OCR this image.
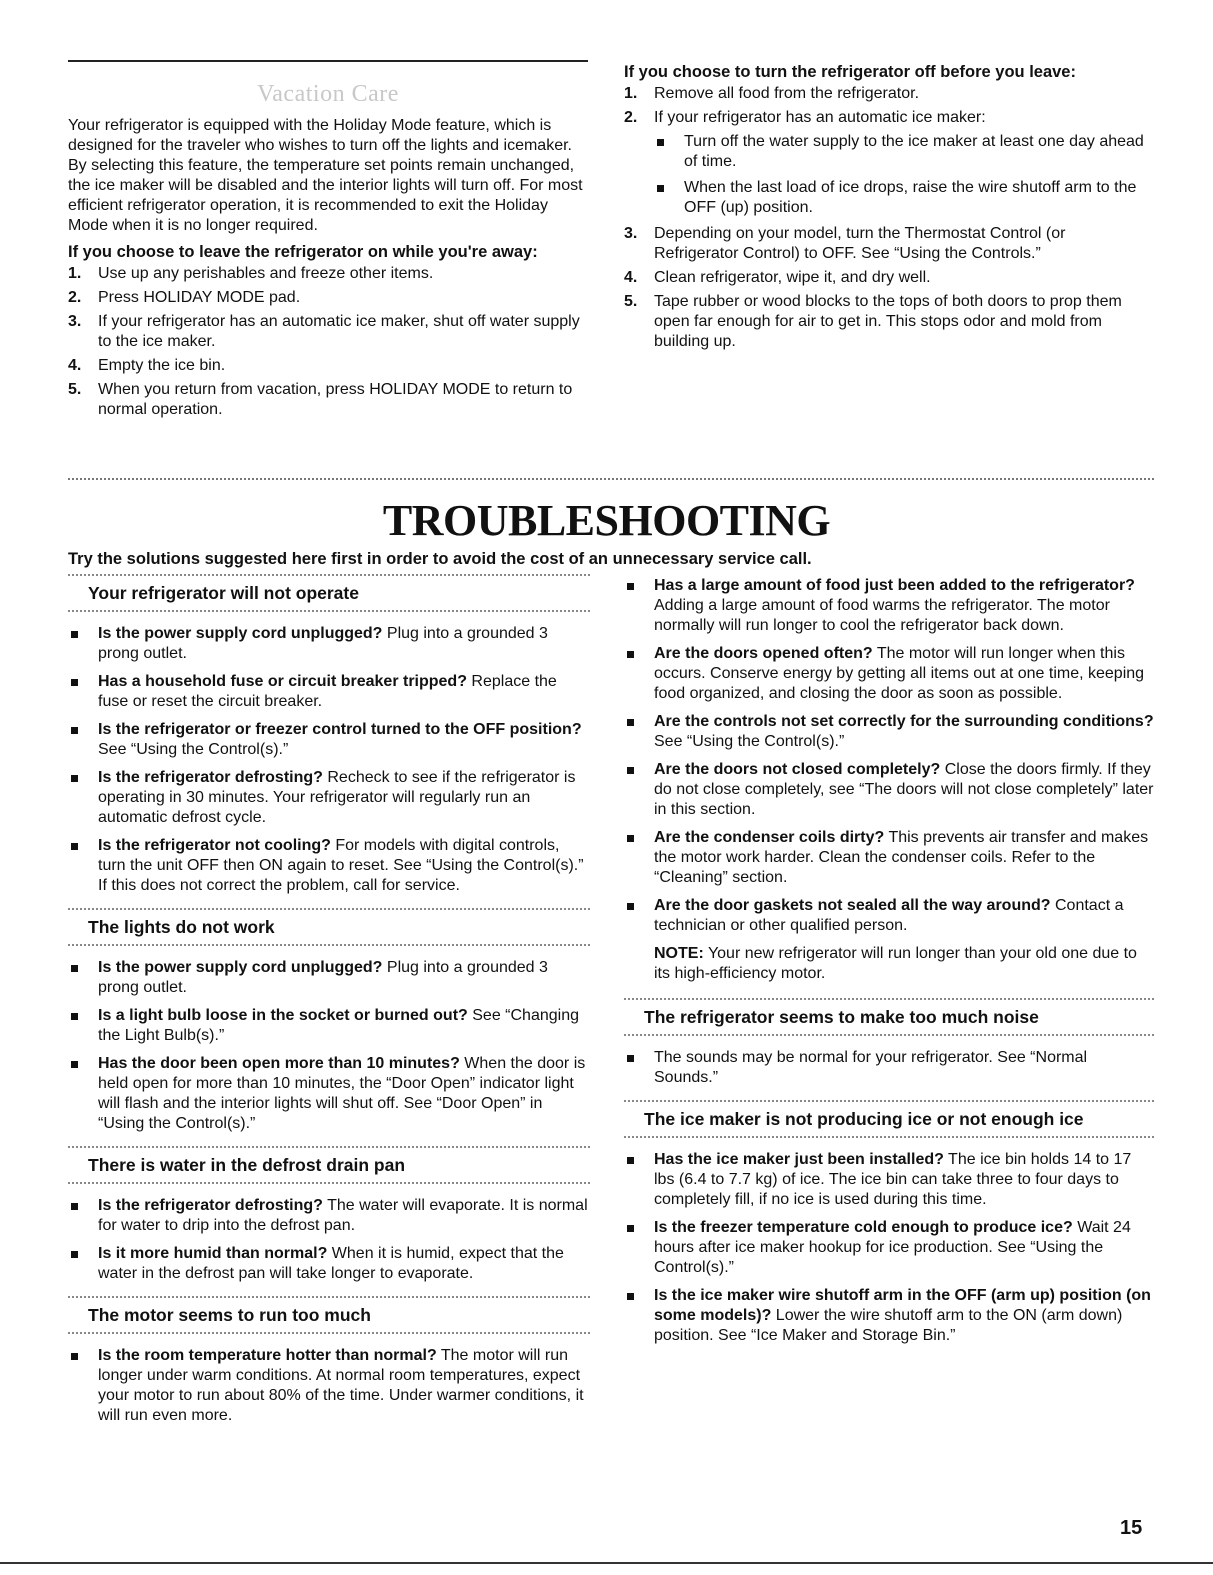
Vacation Care

Your refrigerator is equipped with the Holiday Mode feature, which is designed for the traveler who wishes to turn off the lights and icemaker. By selecting this feature, the temperature set points remain unchanged, the ice maker will be disabled and the interior lights will turn off. For most efficient refrigerator operation, it is recommended to exit the Holiday Mode when it is no longer required.

If you choose to leave the refrigerator on while you're away:
1. Use up any perishables and freeze other items.
2. Press HOLIDAY MODE pad.
3. If your refrigerator has an automatic ice maker, shut off water supply to the ice maker.
4. Empty the ice bin.
5. When you return from vacation, press HOLIDAY MODE to return to normal operation.
If you choose to turn the refrigerator off before you leave:
1. Remove all food from the refrigerator.
2. If your refrigerator has an automatic ice maker:
Turn off the water supply to the ice maker at least one day ahead of time.
When the last load of ice drops, raise the wire shutoff arm to the OFF (up) position.
3. Depending on your model, turn the Thermostat Control (or Refrigerator Control) to OFF. See “Using the Controls.”
4. Clean refrigerator, wipe it, and dry well.
5. Tape rubber or wood blocks to the tops of both doors to prop them open far enough for air to get in. This stops odor and mold from building up.
TROUBLESHOOTING
Try the solutions suggested here first in order to avoid the cost of an unnecessary service call.
Your refrigerator will not operate
Is the power supply cord unplugged? Plug into a grounded 3 prong outlet.
Has a household fuse or circuit breaker tripped? Replace the fuse or reset the circuit breaker.
Is the refrigerator or freezer control turned to the OFF position? See “Using the Control(s).”
Is the refrigerator defrosting? Recheck to see if the refrigerator is operating in 30 minutes. Your refrigerator will regularly run an automatic defrost cycle.
Is the refrigerator not cooling? For models with digital controls, turn the unit OFF then ON again to reset. See “Using the Control(s).” If this does not correct the problem, call for service.
The lights do not work
Is the power supply cord unplugged? Plug into a grounded 3 prong outlet.
Is a light bulb loose in the socket or burned out? See “Changing the Light Bulb(s).”
Has the door been open more than 10 minutes? When the door is held open for more than 10 minutes, the “Door Open” indicator light will flash and the interior lights will shut off. See “Door Open” in “Using the Control(s).”
There is water in the defrost drain pan
Is the refrigerator defrosting? The water will evaporate. It is normal for water to drip into the defrost pan.
Is it more humid than normal? When it is humid, expect that the water in the defrost pan will take longer to evaporate.
The motor seems to run too much
Is the room temperature hotter than normal? The motor will run longer under warm conditions. At normal room temperatures, expect your motor to run about 80% of the time. Under warmer conditions, it will run even more.
Has a large amount of food just been added to the refrigerator? Adding a large amount of food warms the refrigerator. The motor normally will run longer to cool the refrigerator back down.
Are the doors opened often? The motor will run longer when this occurs. Conserve energy by getting all items out at one time, keeping food organized, and closing the door as soon as possible.
Are the controls not set correctly for the surrounding conditions? See “Using the Control(s).”
Are the doors not closed completely? Close the doors firmly. If they do not close completely, see “The doors will not close completely” later in this section.
Are the condenser coils dirty? This prevents air transfer and makes the motor work harder. Clean the condenser coils. Refer to the “Cleaning” section.
Are the door gaskets not sealed all the way around? Contact a technician or other qualified person.

NOTE: Your new refrigerator will run longer than your old one due to its high-efficiency motor.

The refrigerator seems to make too much noise
The sounds may be normal for your refrigerator. See “Normal Sounds.”
The ice maker is not producing ice or not enough ice
Has the ice maker just been installed? The ice bin holds 14 to 17 lbs (6.4 to 7.7 kg) of ice. The ice bin can take three to four days to completely fill, if no ice is used during this time.
Is the freezer temperature cold enough to produce ice? Wait 24 hours after ice maker hookup for ice production. See “Using the Control(s).”
Is the ice maker wire shutoff arm in the OFF (arm up) position (on some models)? Lower the wire shutoff arm to the ON (arm down) position. See “Ice Maker and Storage Bin.”
15
